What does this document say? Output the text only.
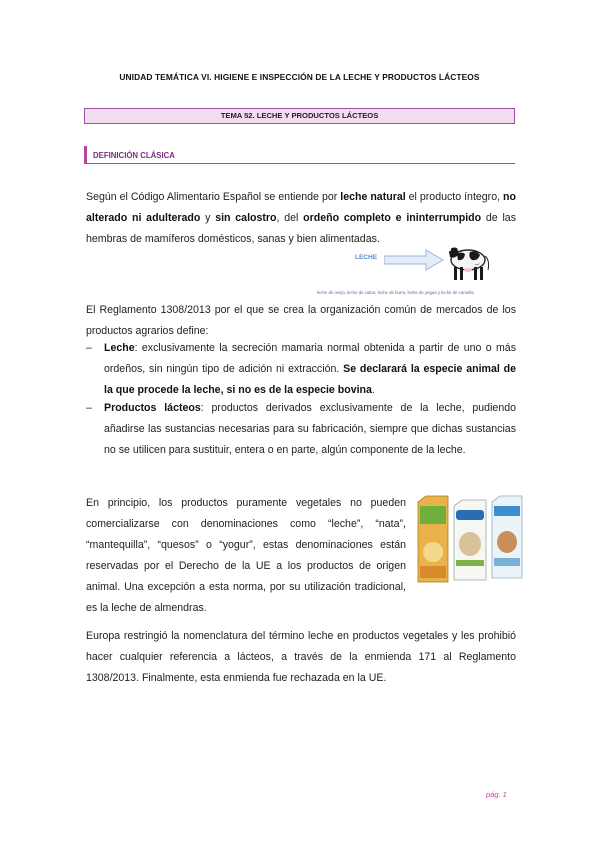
UNIDAD TEMÁTICA VI. HIGIENE E INSPECCIÓN DE LA LECHE Y PRODUCTOS LÁCTEOS
TEMA 52. LECHE Y PRODUCTOS LÁCTEOS
DEFINICIÓN CLÁSICA
Según el Código Alimentario Español se entiende por leche natural el producto íntegro, no alterado ni adulterado y sin calostro, del ordeño completo e ininterrumpido de las hembras de mamíferos domésticos, sanas y bien alimentadas.
LECHE
leche de oveja, leche de cabra, leche de burra, leche de yegua y leche de camella.
El Reglamento 1308/2013 por el que se crea la organización común de mercados de los productos agrarios define:
– Leche: exclusivamente la secreción mamaria normal obtenida a partir de uno o más ordeños, sin ningún tipo de adición ni extracción. Se declarará la especie animal de la que procede la leche, si no es de la especie bovina.
– Productos lácteos: productos derivados exclusivamente de la leche, pudiendo añadirse las sustancias necesarias para su fabricación, siempre que dichas sustancias no se utilicen para sustituir, entera o en parte, algún componente de la leche.
En principio, los productos puramente vegetales no pueden comercializarse con denominaciones como “leche”, “nata”, “mantequilla”, “quesos” o “yogur”, estas denominaciones están reservadas por el Derecho de la UE a los productos de origen animal. Una excepción a esta norma, por su utilización tradicional, es la leche de almendras.
Europa restringió la nomenclatura del término leche en productos vegetales y les prohibió hacer cualquier referencia a lácteos, a través de la enmienda 171 al Reglamento 1308/2013. Finalmente, esta enmienda fue rechazada en la UE.
pág. 1
